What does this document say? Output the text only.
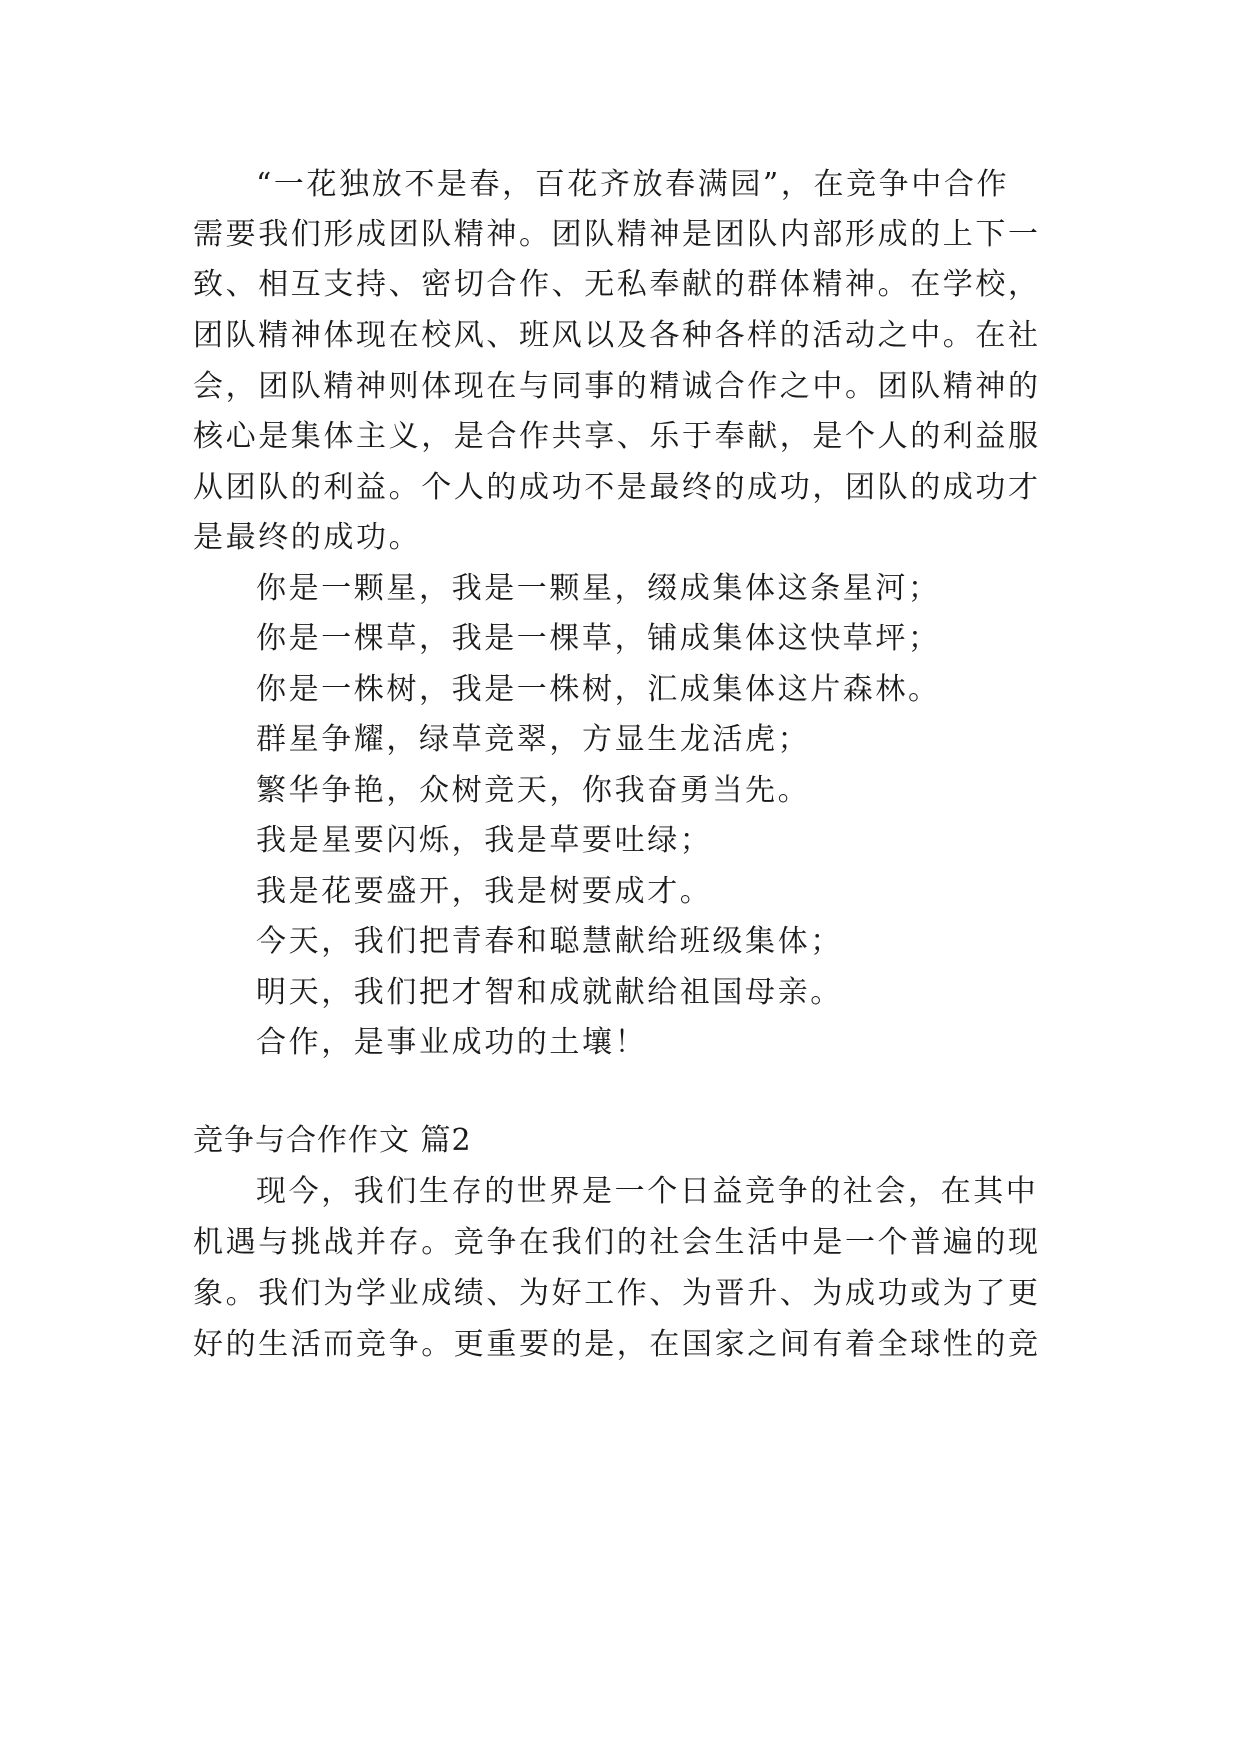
“一花独放不是春，百花齐放春满园”，在竞争中合作
需要我们形成团队精神。团队精神是团队内部形成的上下一
致、相互支持、密切合作、无私奉献的群体精神。在学校，
团队精神体现在校风、班风以及各种各样的活动之中。在社
会，团队精神则体现在与同事的精诚合作之中。团队精神的
核心是集体主义，是合作共享、乐于奉献，是个人的利益服
从团队的利益。个人的成功不是最终的成功，团队的成功才
是最终的成功。
你是一颗星，我是一颗星，缀成集体这条星河；
你是一棵草，我是一棵草，铺成集体这快草坪；
你是一株树，我是一株树，汇成集体这片森林。
群星争耀，绿草竞翠，方显生龙活虎；
繁华争艳，众树竞天，你我奋勇当先。
我是星要闪烁，我是草要吐绿；
我是花要盛开，我是树要成才。
今天，我们把青春和聪慧献给班级集体；
明天，我们把才智和成就献给祖国母亲。
合作，是事业成功的土壤！
竞争与合作作文 篇2
现今，我们生存的世界是一个日益竞争的社会，在其中
机遇与挑战并存。竞争在我们的社会生活中是一个普遍的现
象。我们为学业成绩、为好工作、为晋升、为成功或为了更
好的生活而竞争。更重要的是，在国家之间有着全球性的竞
